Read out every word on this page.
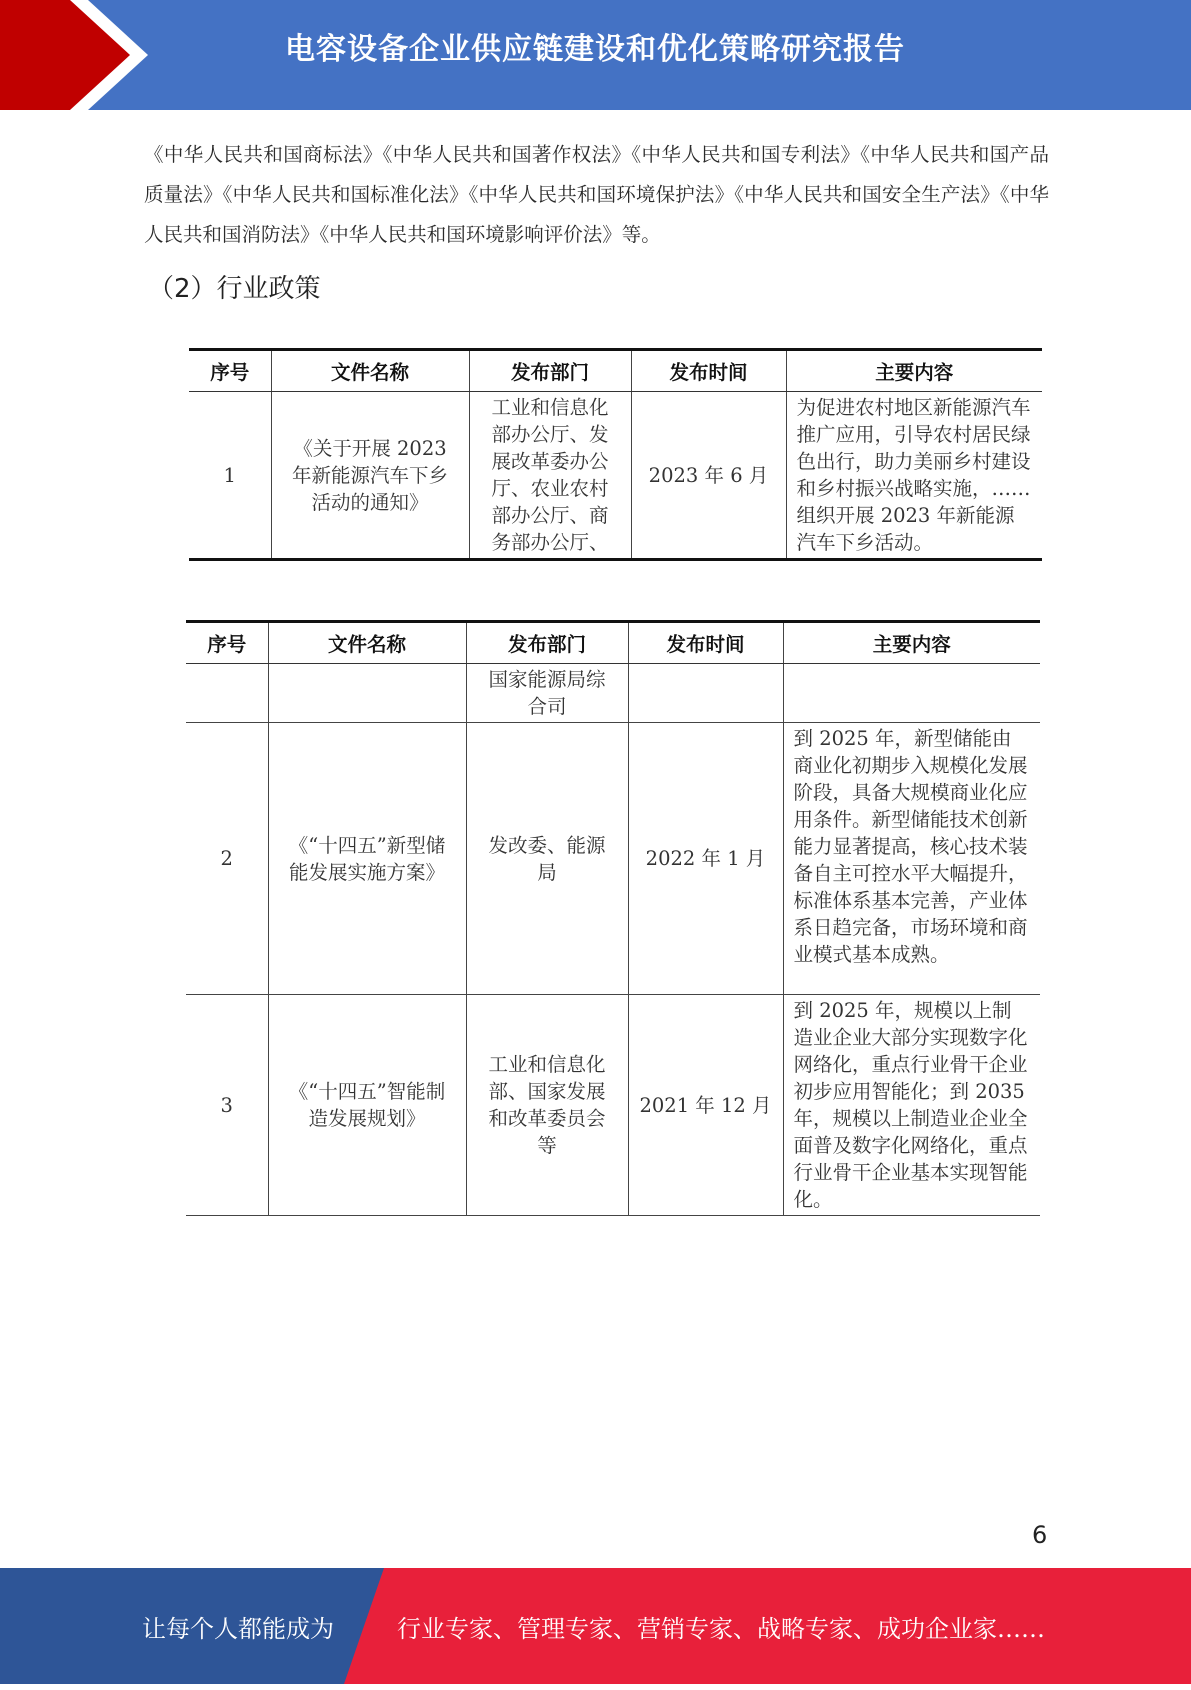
电容设备企业供应链建设和优化策略研究报告
《中华人民共和国商标法》《中华人民共和国著作权法》《中华人民共和国专利法》《中华人民共和国产品质量法》《中华人民共和国标准化法》《中华人民共和国环境保护法》《中华人民共和国安全生产法》《中华人民共和国消防法》《中华人民共和国环境影响评价法》等。
（2）行业政策
序号	文件名称	发布部门	发布时间	主要内容
1	《关于开展 2023 年新能源汽车下乡活动的通知》	工业和信息化部办公厅、发展改革委办公厅、农业农村部办公厅、商务部办公厅、	2023 年 6 月	为促进农村地区新能源汽车推广应用，引导农村居民绿色出行，助力美丽乡村建设和乡村振兴战略实施，……组织开展 2023 年新能源汽车下乡活动。
序号	文件名称	发布部门	发布时间	主要内容
		国家能源局综合司		
2	《“十四五”新型储能发展实施方案》	发改委、能源局	2022 年 1 月	到 2025 年，新型储能由商业化初期步入规模化发展阶段，具备大规模商业化应用条件。新型储能技术创新能力显著提高，核心技术装备自主可控水平大幅提升，标准体系基本完善，产业体系日趋完备，市场环境和商业模式基本成熟。
3	《“十四五”智能制造发展规划》	工业和信息化部、国家发展和改革委员会等	2021 年 12 月	到 2025 年，规模以上制造业企业大部分实现数字化网络化，重点行业骨干企业初步应用智能化；到 2035 年，规模以上制造业企业全面普及数字化网络化，重点行业骨干企业基本实现智能化。
6
让每个人都能成为	行业专家、管理专家、营销专家、战略专家、成功企业家……
